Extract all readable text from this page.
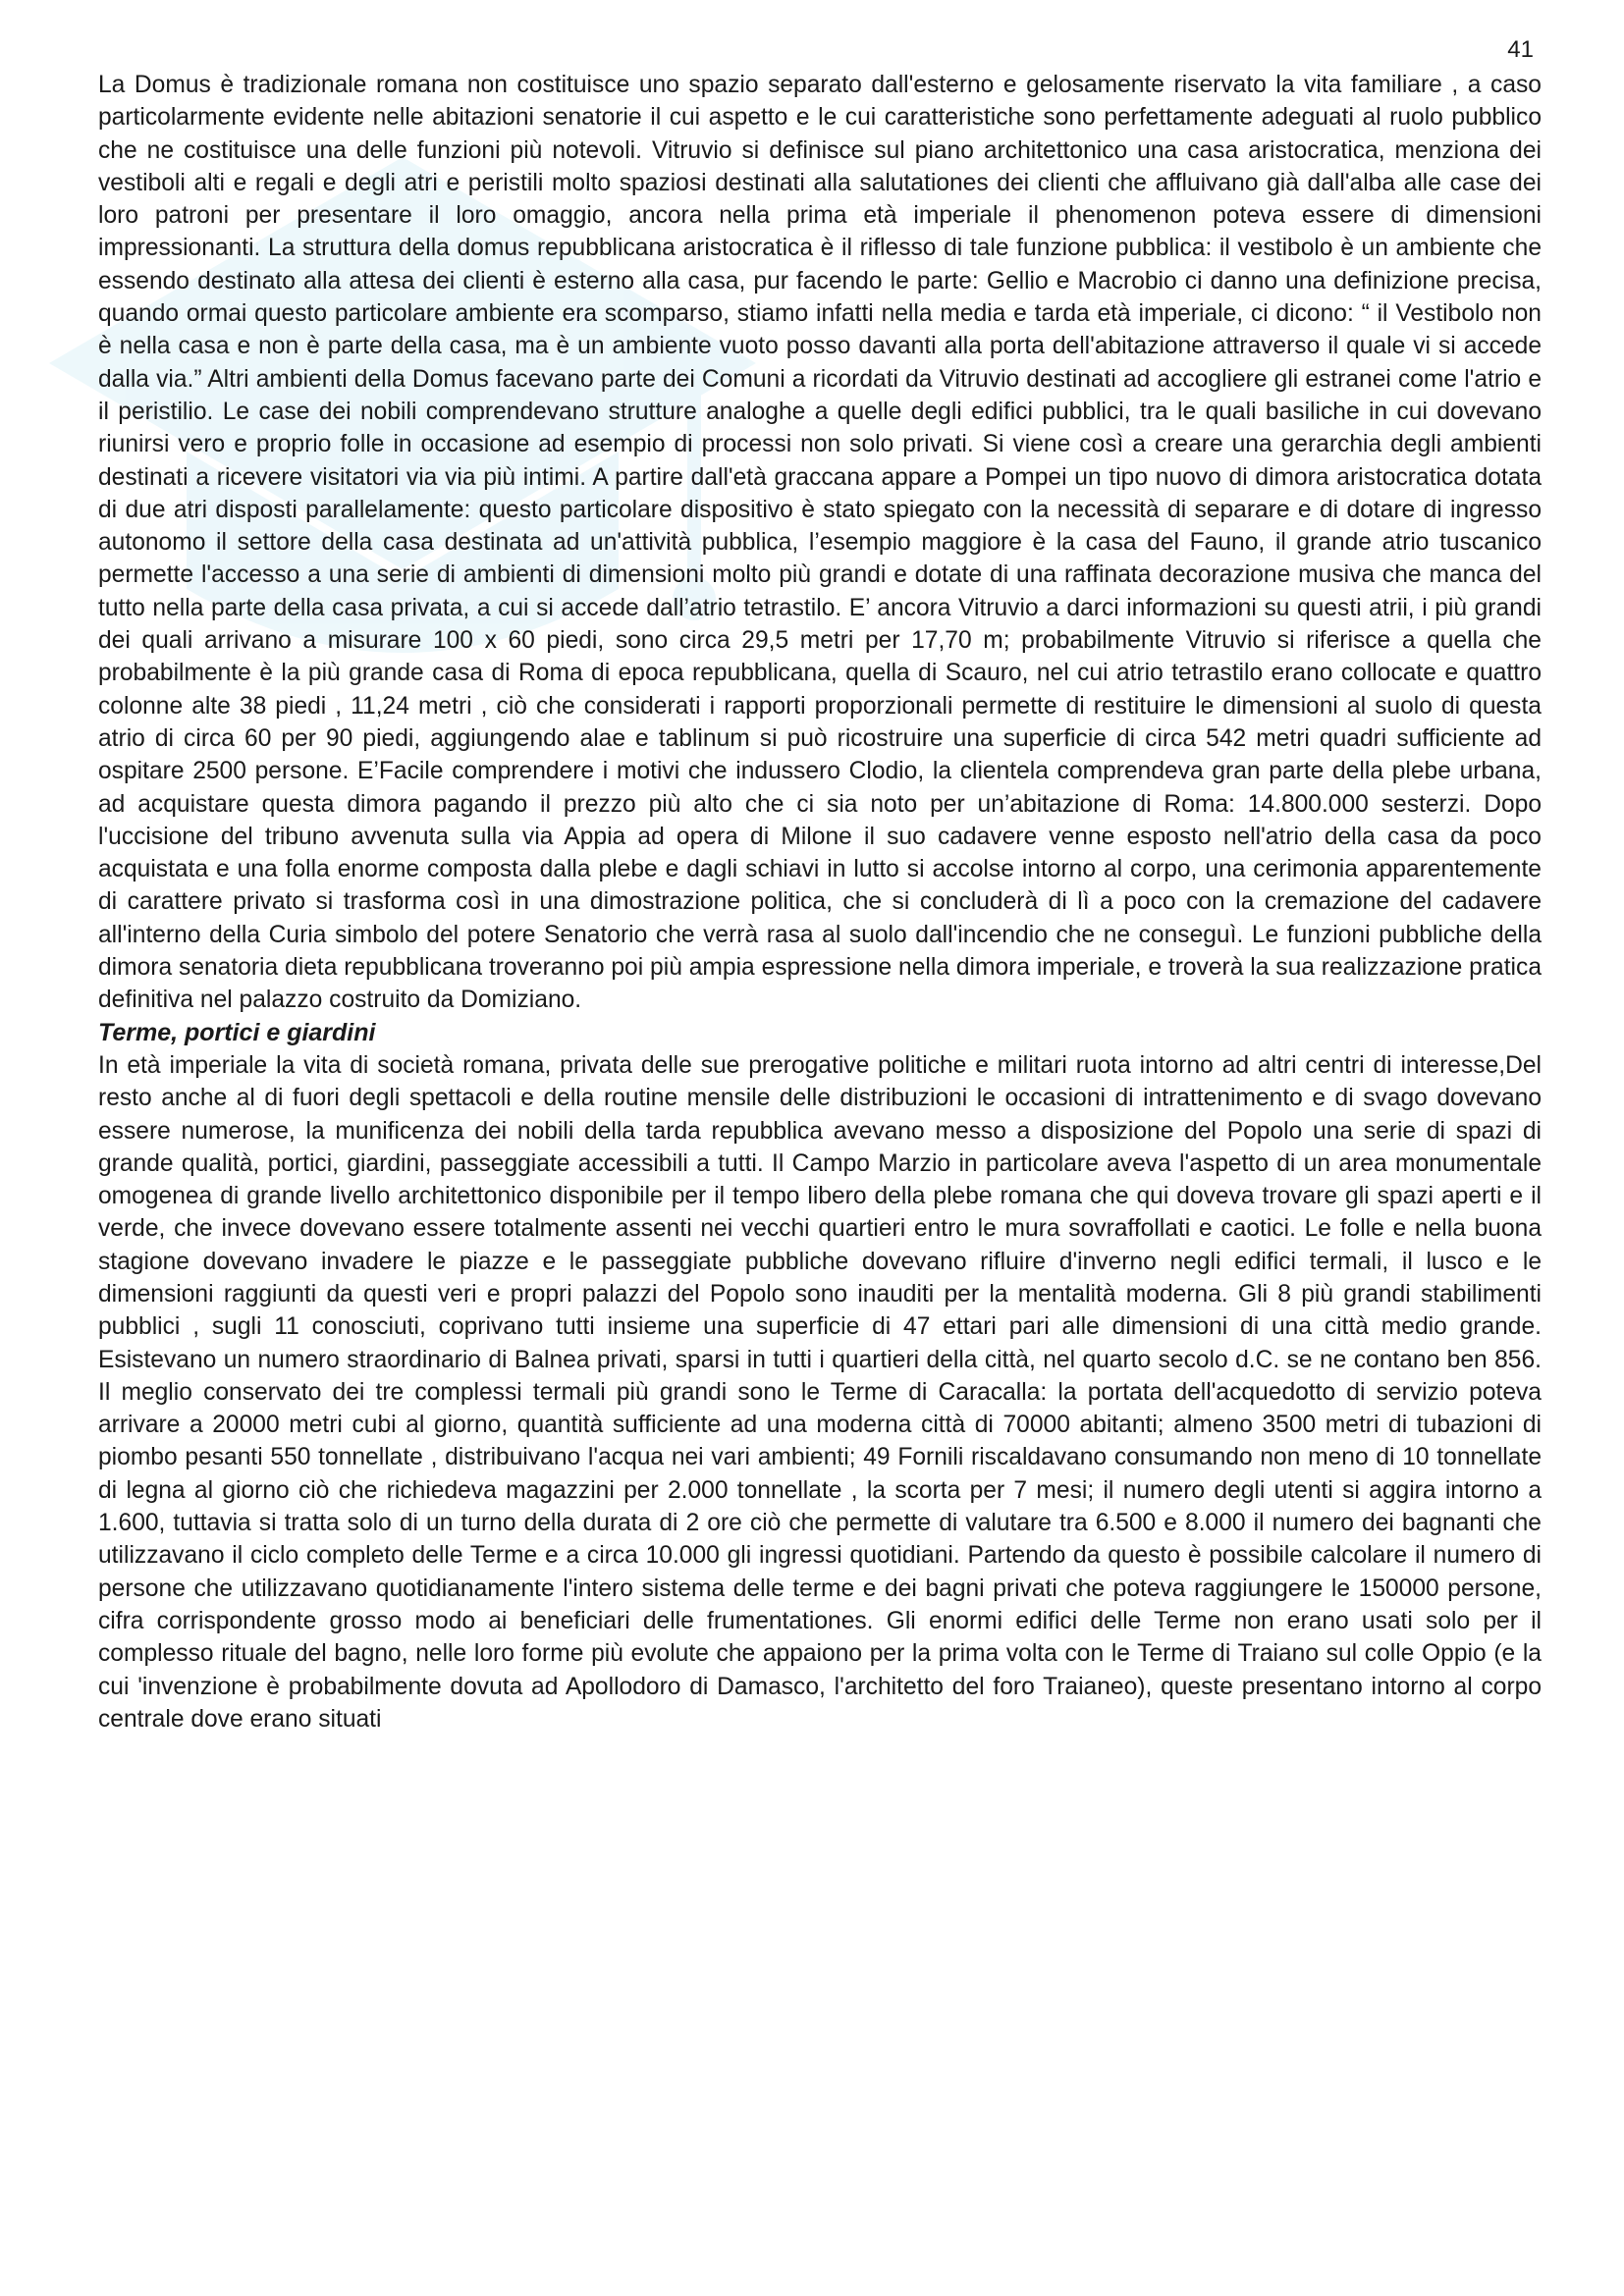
41

La Domus è tradizionale romana non costituisce uno spazio separato dall'esterno e gelosamente riservato la vita familiare , a caso particolarmente evidente nelle abitazioni senatorie il cui aspetto e le cui caratteristiche sono perfettamente adeguati al ruolo pubblico che ne costituisce una delle funzioni più notevoli. Vitruvio si definisce sul piano architettonico una casa aristocratica, menziona dei vestiboli alti e regali e degli atri e peristili molto spaziosi destinati alla salutationes dei clienti che affluivano già dall'alba alle case dei loro patroni per presentare il loro omaggio, ancora nella prima età imperiale il phenomenon poteva essere di dimensioni impressionanti. La struttura della domus repubblicana aristocratica è il riflesso di tale funzione pubblica: il vestibolo è un ambiente che essendo destinato alla attesa dei clienti è esterno alla casa, pur facendo le parte: Gellio e Macrobio ci danno una definizione precisa, quando ormai questo particolare ambiente era scomparso, stiamo infatti nella media e tarda età imperiale, ci dicono: “ il Vestibolo non è nella casa e non è parte della casa, ma è un ambiente vuoto posso davanti alla porta dell'abitazione attraverso il quale vi si accede dalla via.” Altri ambienti della Domus facevano parte dei Comuni a ricordati da Vitruvio destinati ad accogliere gli estranei come l'atrio e il peristilio. Le case dei nobili comprendevano strutture analoghe a quelle degli edifici pubblici, tra le quali basiliche in cui dovevano riunirsi vero e proprio folle in occasione ad esempio di processi non solo privati. Si viene così a creare una gerarchia degli ambienti destinati a ricevere visitatori via via più intimi. A partire dall'età graccana appare a Pompei un tipo nuovo di dimora aristocratica dotata di due atri disposti parallelamente: questo particolare dispositivo è stato spiegato con la necessità di separare e di dotare di ingresso autonomo il settore della casa destinata ad un'attività pubblica, l’esempio maggiore è la casa del Fauno, il grande atrio tuscanico permette l'accesso a una serie di ambienti di dimensioni molto più grandi e dotate di una raffinata decorazione musiva che manca del tutto nella parte della casa privata, a cui si accede dall’atrio tetrastilo. E’ ancora Vitruvio a darci informazioni su questi atrii, i più grandi dei quali arrivano a misurare 100 x 60 piedi, sono circa 29,5 metri per 17,70 m; probabilmente Vitruvio si riferisce a quella che probabilmente è la più grande casa di Roma di epoca repubblicana, quella di Scauro, nel cui atrio tetrastilo erano collocate e quattro colonne alte 38 piedi , 11,24 metri , ciò che considerati i rapporti proporzionali permette di restituire le dimensioni al suolo di questa atrio di circa 60 per 90 piedi, aggiungendo alae e tablinum si può ricostruire una superficie di circa 542 metri quadri sufficiente ad ospitare 2500 persone. E’Facile comprendere i motivi che indussero Clodio, la clientela comprendeva gran parte della plebe urbana, ad acquistare questa dimora pagando il prezzo più alto che ci sia noto per un’abitazione di Roma: 14.800.000 sesterzi. Dopo l'uccisione del tribuno avvenuta sulla via Appia ad opera di Milone il suo cadavere venne esposto nell'atrio della casa da poco acquistata e una folla enorme composta dalla plebe e dagli schiavi in lutto si accolse intorno al corpo, una cerimonia apparentemente di carattere privato si trasforma così in una dimostrazione politica, che si concluderà di lì a poco con la cremazione del cadavere all'interno della Curia simbolo del potere Senatorio che verrà rasa al suolo dall'incendio che ne conseguì. Le funzioni pubbliche della dimora senatoria dieta repubblicana troveranno poi più ampia espressione nella dimora imperiale, e troverà la sua realizzazione pratica definitiva nel palazzo costruito da Domiziano.

Terme, portici e giardini

In età imperiale la vita di società romana, privata delle sue prerogative politiche e militari ruota intorno ad altri centri di interesse,Del resto anche al di fuori degli spettacoli e della routine mensile delle distribuzioni le occasioni di intrattenimento e di svago dovevano essere numerose, la munificenza dei nobili della tarda repubblica avevano messo a disposizione del Popolo una serie di spazi di grande qualità, portici, giardini, passeggiate accessibili a tutti. Il Campo Marzio in particolare aveva l'aspetto di un area monumentale omogenea di grande livello architettonico disponibile per il tempo libero della plebe romana che qui doveva trovare gli spazi aperti e il verde, che invece dovevano essere totalmente assenti nei vecchi quartieri entro le mura sovraffollati e caotici. Le folle e nella buona stagione dovevano invadere le piazze e le passeggiate pubbliche dovevano rifluire d'inverno negli edifici termali, il lusco e le dimensioni raggiunti da questi veri e propri palazzi del Popolo sono inauditi per la mentalità moderna. Gli 8 più grandi stabilimenti pubblici , sugli 11 conosciuti, coprivano tutti insieme una superficie di 47 ettari pari alle dimensioni di una città medio grande. Esistevano un numero straordinario di Balnea privati, sparsi in tutti i quartieri della città, nel quarto secolo d.C. se ne contano ben 856. Il meglio conservato dei tre complessi termali più grandi sono le Terme di Caracalla: la portata dell'acquedotto di servizio poteva arrivare a 20000 metri cubi al giorno, quantità sufficiente ad una moderna città di 70000 abitanti; almeno 3500 metri di tubazioni di piombo pesanti 550 tonnellate , distribuivano l'acqua nei vari ambienti; 49 Fornili riscaldavano consumando non meno di 10 tonnellate di legna al giorno ciò che richiedeva magazzini per 2.000 tonnellate , la scorta per 7 mesi; il numero degli utenti si aggira intorno a 1.600, tuttavia si tratta solo di un turno della durata di 2 ore ciò che permette di valutare tra 6.500 e 8.000 il numero dei bagnanti che utilizzavano il ciclo completo delle Terme e a circa 10.000 gli ingressi quotidiani. Partendo da questo è possibile calcolare il numero di persone che utilizzavano quotidianamente l'intero sistema delle terme e dei bagni privati che poteva raggiungere le 150000 persone, cifra corrispondente grosso modo ai beneficiari delle frumentationes. Gli enormi edifici delle Terme non erano usati solo per il complesso rituale del bagno, nelle loro forme più evolute che appaiono per la prima volta con le Terme di Traiano sul colle Oppio (e la cui 'invenzione è probabilmente dovuta ad Apollodoro di Damasco, l'architetto del foro Traianeo), queste presentano intorno al corpo centrale dove erano situati
